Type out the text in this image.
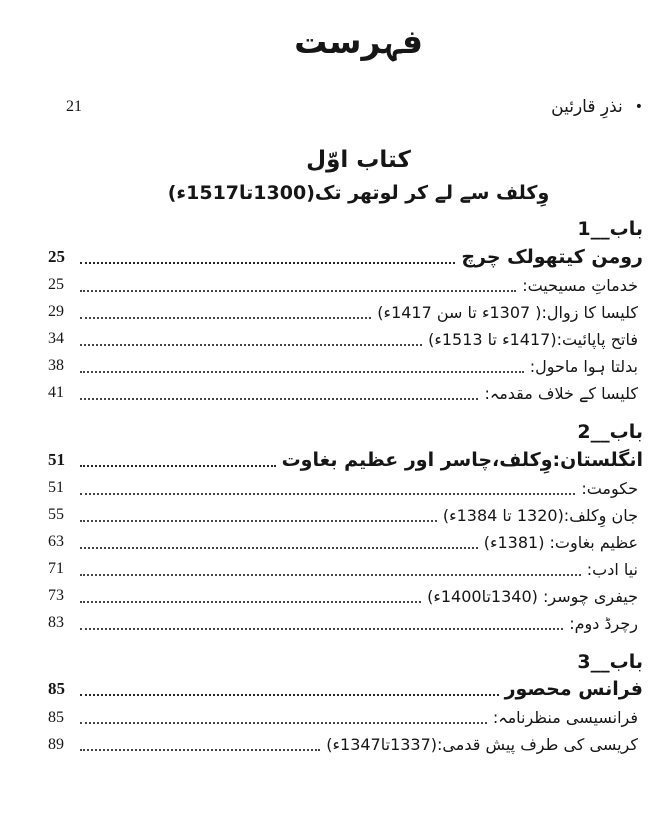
فہرست
•
نذرِ قارئین
21
کتاب اوّل
وِکلف سے لے کر لوتھر تک(1300تا1517ء)
باب__1
رومن کیتھولک چرچ
25
خدماتِ مسیحیت:
25
کلیسا کا زوال:( 1307ء تا سن 1417ء)
29
فاتح پاپائیت:(1417ء تا 1513ء)
34
بدلتا ہوا ماحول:
38
کلیسا کے خلاف مقدمہ:
41
باب__2
انگلستان:وِکلف،چاسر اور عظیم بغاوت
51
حکومت:
51
جان وِکلف:(1320 تا 1384ء)
55
عظیم بغاوت: (1381ء)
63
نیا ادب:
71
جیفری چوسر: (1340تا1400ء)
73
رچرڈ دوم:
83
باب__3
فرانس محصور
85
فرانسیسی منظرنامہ:
85
کریسی کی طرف پیش قدمی:(1337تا1347ء)
89
